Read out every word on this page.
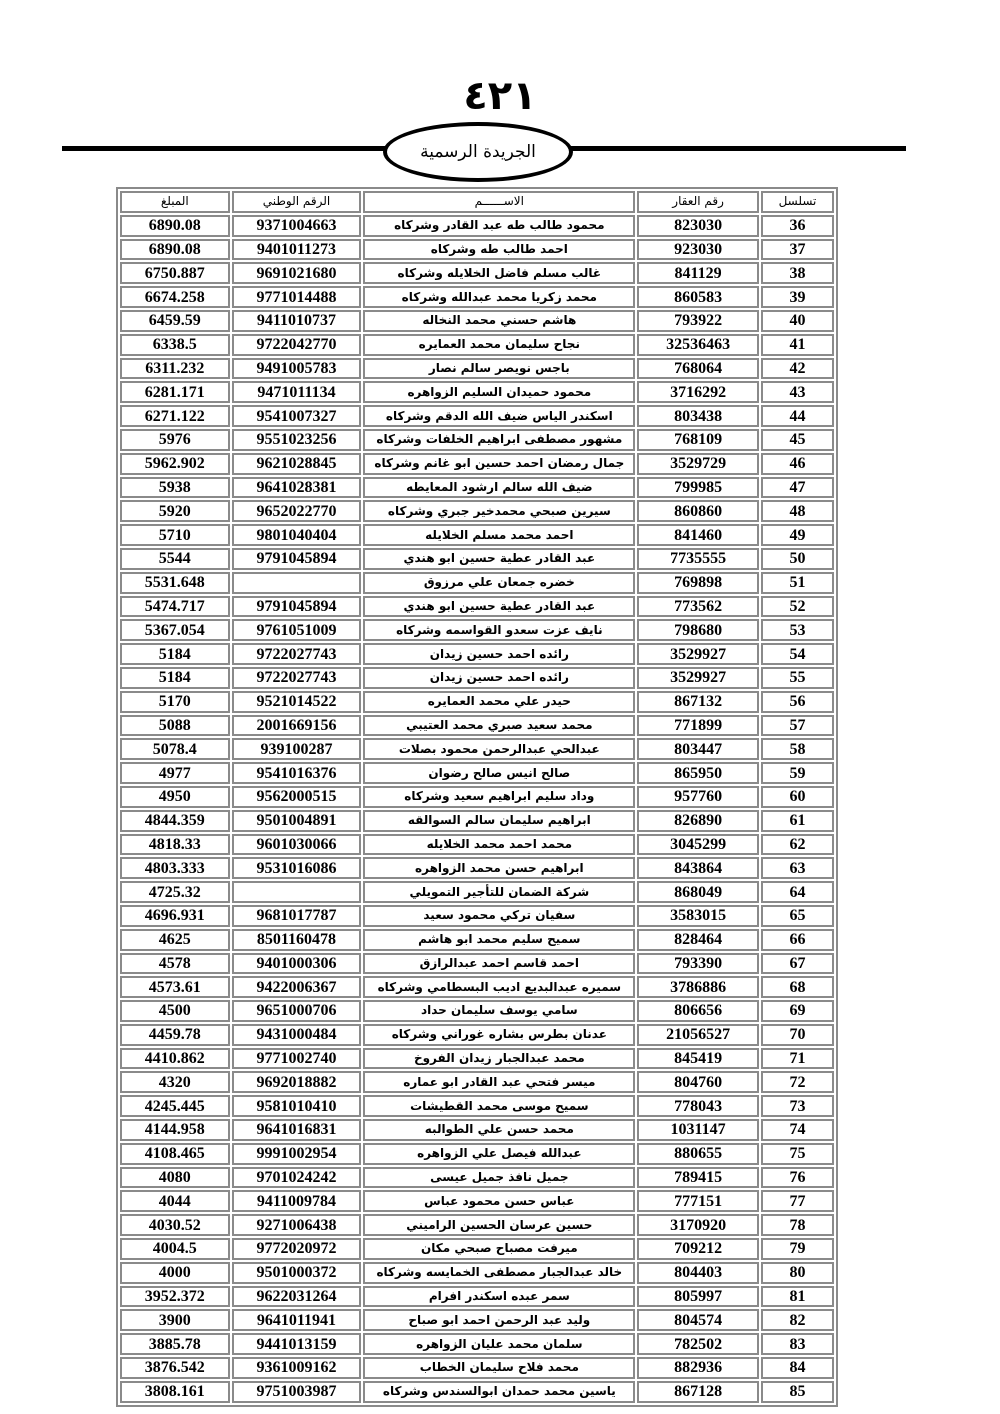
٤٢١
الجريدة الرسمية
تسلسل	رقم العقار	الاســــــم	الرقم الوطني	المبلغ
36	823030	محمود طالب طه عبد القادر وشركاه	9371004663	6890.08
37	923030	احمد طالب طه وشركاه	9401011273	6890.08
38	841129	غالب مسلم فاضل الخلايله وشركاه	9691021680	6750.887
39	860583	محمد زكريا محمد عبدالله وشركاه	9771014488	6674.258
40	793922	هاشم حسني محمد النخاله	9411010737	6459.59
41	32536463	نجاح سليمان محمد العمايره	9722042770	6338.5
42	768064	باجس نويصر سالم نصار	9491005783	6311.232
43	3716292	محمود حميدان السليم الزواهره	9471011134	6281.171
44	803438	اسكندر الياس ضيف الله الدقم وشركاه	9541007327	6271.122
45	768109	مشهور مصطفى ابراهيم الخلفات وشركاه	9551023256	5976
46	3529729	جمال رمضان احمد حسين ابو غانم وشركاه	9621028845	5962.902
47	799985	ضيف الله سالم ارشود المعايطه	9641028381	5938
48	860860	سيرين صبحي محمدخير جبري وشركاه	9652022770	5920
49	841460	احمد محمد مسلم الخلايله	9801040404	5710
50	7735555	عبد القادر عطية حسين ابو هندي	9791045894	5544
51	769898	خضره جمعان علي مرزوق		5531.648
52	773562	عبد القادر عطية حسين ابو هندي	9791045894	5474.717
53	798680	نايف عزت سعدو القواسمه وشركاه	9761051009	5367.054
54	3529927	رائده احمد حسين زيدان	9722027743	5184
55	3529927	رائده احمد حسين زيدان	9722027743	5184
56	867132	حيدر علي محمد العمايره	9521014522	5170
57	771899	محمد سعيد صبري محمد العتيبي	2001669156	5088
58	803447	عبدالحي عبدالرحمن محمود بصلات	939100287	5078.4
59	865950	صالح انيس صالح رضوان	9541016376	4977
60	957760	وداد سليم ابراهيم سعيد وشركاه	9562000515	4950
61	826890	ابراهيم سليمان سالم السوالقه	9501004891	4844.359
62	3045299	محمد احمد محمد الخلايله	9601030066	4818.33
63	843864	ابراهيم حسن محمد الزواهره	9531016086	4803.333
64	868049	شركة الضمان للتأجير التمويلي		4725.32
65	3583015	سفيان تركي محمود سعيد	9681017787	4696.931
66	828464	سميح سليم محمد ابو هاشم	8501160478	4625
67	793390	احمد قاسم احمد عبدالرازق	9401000306	4578
68	3786886	سميره عبدالبديع اديب البسطامي وشركاه	9422006367	4573.61
69	806656	سامي يوسف سليمان حداد	9651000706	4500
70	21056527	عدنان بطرس بشاره غوراني وشركاه	9431000484	4459.78
71	845419	محمد عبدالجبار زيدان الفروخ	9771002740	4410.862
72	804760	ميسر فتحي عبد القادر ابو عماره	9692018882	4320
73	778043	سميح موسى محمد القطيشات	9581010410	4245.445
74	1031147	محمد حسن علي الطوالبه	9641016831	4144.958
75	880655	عبدالله فيصل علي الزواهره	9991002954	4108.465
76	789415	جميل نافذ جميل عيسى	9701024242	4080
77	777151	عباس حسن محمود عباس	9411009784	4044
78	3170920	حسين عرسان الحسين الراميني	9271006438	4030.52
79	709212	ميرفت مصباح صبحي مكان	9772020972	4004.5
80	804403	خالد عبدالجبار مصطفى الخمايسه وشركاه	9501000372	4000
81	805997	سمر عبده اسكندر افرام	9622031264	3952.372
82	804574	وليد عبد الرحمن احمد ابو صباح	9641011941	3900
83	782502	سلمان محمد عليان الزواهره	9441013159	3885.78
84	882936	محمد فلاح سليمان الخطاب	9361009162	3876.542
85	867128	ياسين محمد حمدان ابوالسندس وشركاه	9751003987	3808.161
